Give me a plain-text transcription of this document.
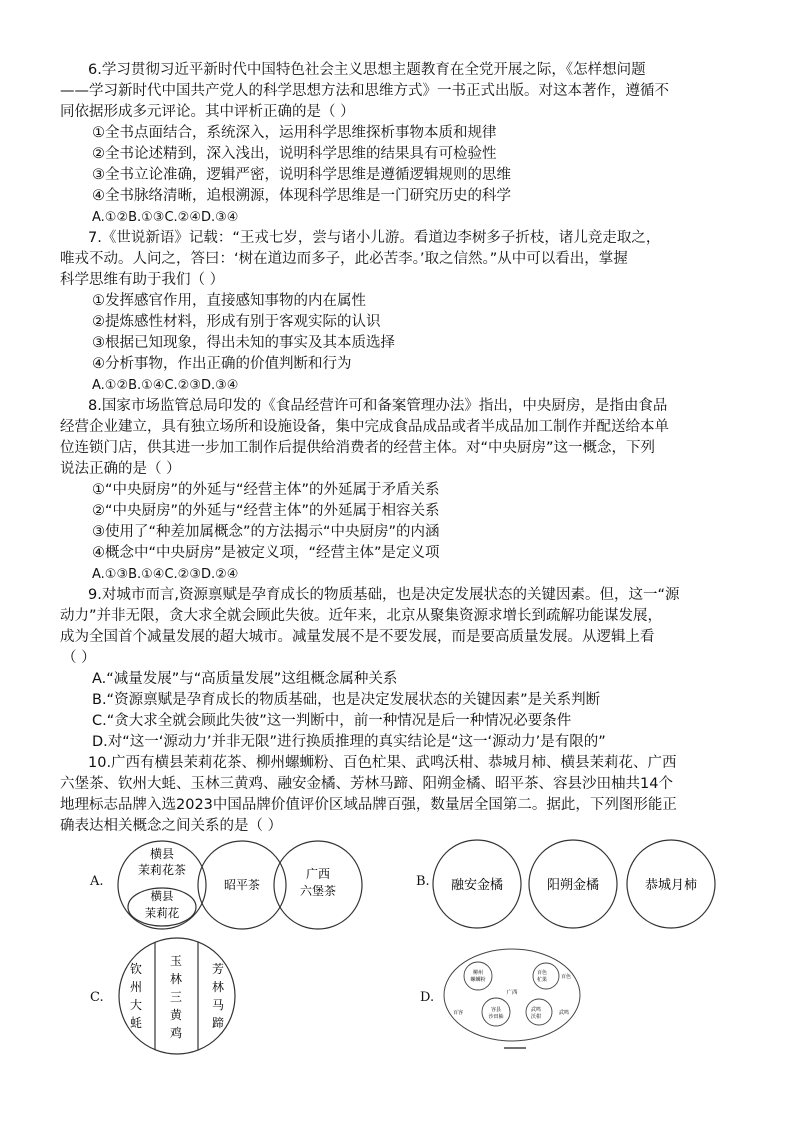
6.学习贯彻习近平新时代中国特色社会主义思想主题教育在全党开展之际，《怎样想问题
——学习新时代中国共产党人的科学思想方法和思维方式》一书正式出版。对这本著作，遵循不
同依据形成多元评论。其中评析正确的是（ ）
①全书点面结合，系统深入，运用科学思维探析事物本质和规律
②全书论述精到，深入浅出，说明科学思维的结果具有可检验性
③全书立论准确，逻辑严密，说明科学思维是遵循逻辑规则的思维
④全书脉络清晰，追根溯源，体现科学思维是一门研究历史的科学
A.①②B.①③C.②④D.③④
7.《世说新语》记载：“王戎七岁，尝与诸小儿游。看道边李树多子折枝，诸儿竞走取之，
唯戎不动。人问之，答曰：‘树在道边而多子，此必苦李。’取之信然。”从中可以看出，掌握
科学思维有助于我们（ ）
①发挥感官作用，直接感知事物的内在属性
②提炼感性材料，形成有别于客观实际的认识
③根据已知现象，得出未知的事实及其本质选择
④分析事物，作出正确的价值判断和行为
A.①②B.①④C.②③D.③④
8.国家市场监管总局印发的《食品经营许可和备案管理办法》指出，中央厨房，是指由食品
经营企业建立，具有独立场所和设施设备，集中完成食品成品或者半成品加工制作并配送给本单
位连锁门店，供其进一步加工制作后提供给消费者的经营主体。对“中央厨房”这一概念，下列
说法正确的是（ ）
①“中央厨房”的外延与“经营主体”的外延属于矛盾关系
②“中央厨房”的外延与“经营主体”的外延属于相容关系
③使用了“种差加属概念”的方法揭示“中央厨房”的内涵
④概念中“中央厨房”是被定义项，“经营主体”是定义项
A.①③B.①④C.②③D.②④
9.对城市而言,资源禀赋是孕育成长的物质基础，也是决定发展状态的关键因素。但，这一“源
动力”并非无限，贪大求全就会顾此失彼。近年来，北京从聚集资源求增长到疏解功能谋发展，
成为全国首个减量发展的超大城市。减量发展不是不要发展，而是要高质量发展。从逻辑上看
（ ）
A.“减量发展”与“高质量发展”这组概念属种关系
B.“资源禀赋是孕育成长的物质基础，也是决定发展状态的关键因素”是关系判断
C.“贪大求全就会顾此失彼”这一判断中，前一种情况是后一种情况必要条件
D.对“这一‘源动力’并非无限”进行换质推理的真实结论是“这一‘源动力’是有限的”
10.广西有横县茉莉花茶、柳州螺蛳粉、百色杧果、武鸣沃柑、恭城月柿、横县茉莉花、广西
六堡茶、钦州大蚝、玉林三黄鸡、融安金橘、芳林马蹄、阳朔金橘、昭平茶、容县沙田柚共14个
地理标志品牌入选2023中国品牌价值评价区域品牌百强，数量居全国第二。据此，下列图形能正
确表达相关概念之间关系的是（ ）
A.
横县
茉莉花茶
横县
茉莉花
昭平茶
广西
六堡茶
B. 融安金橘	阳朔金橘	恭城月柿
C.
钦
州
大
蚝
玉
林
三
黄
鸡
芳
林
马
蹄
D.
柳州
螺蛳粉
百色
杧果	百色
广西
百容	容县
沙田柚
武鸣
沃柑
武鸣
